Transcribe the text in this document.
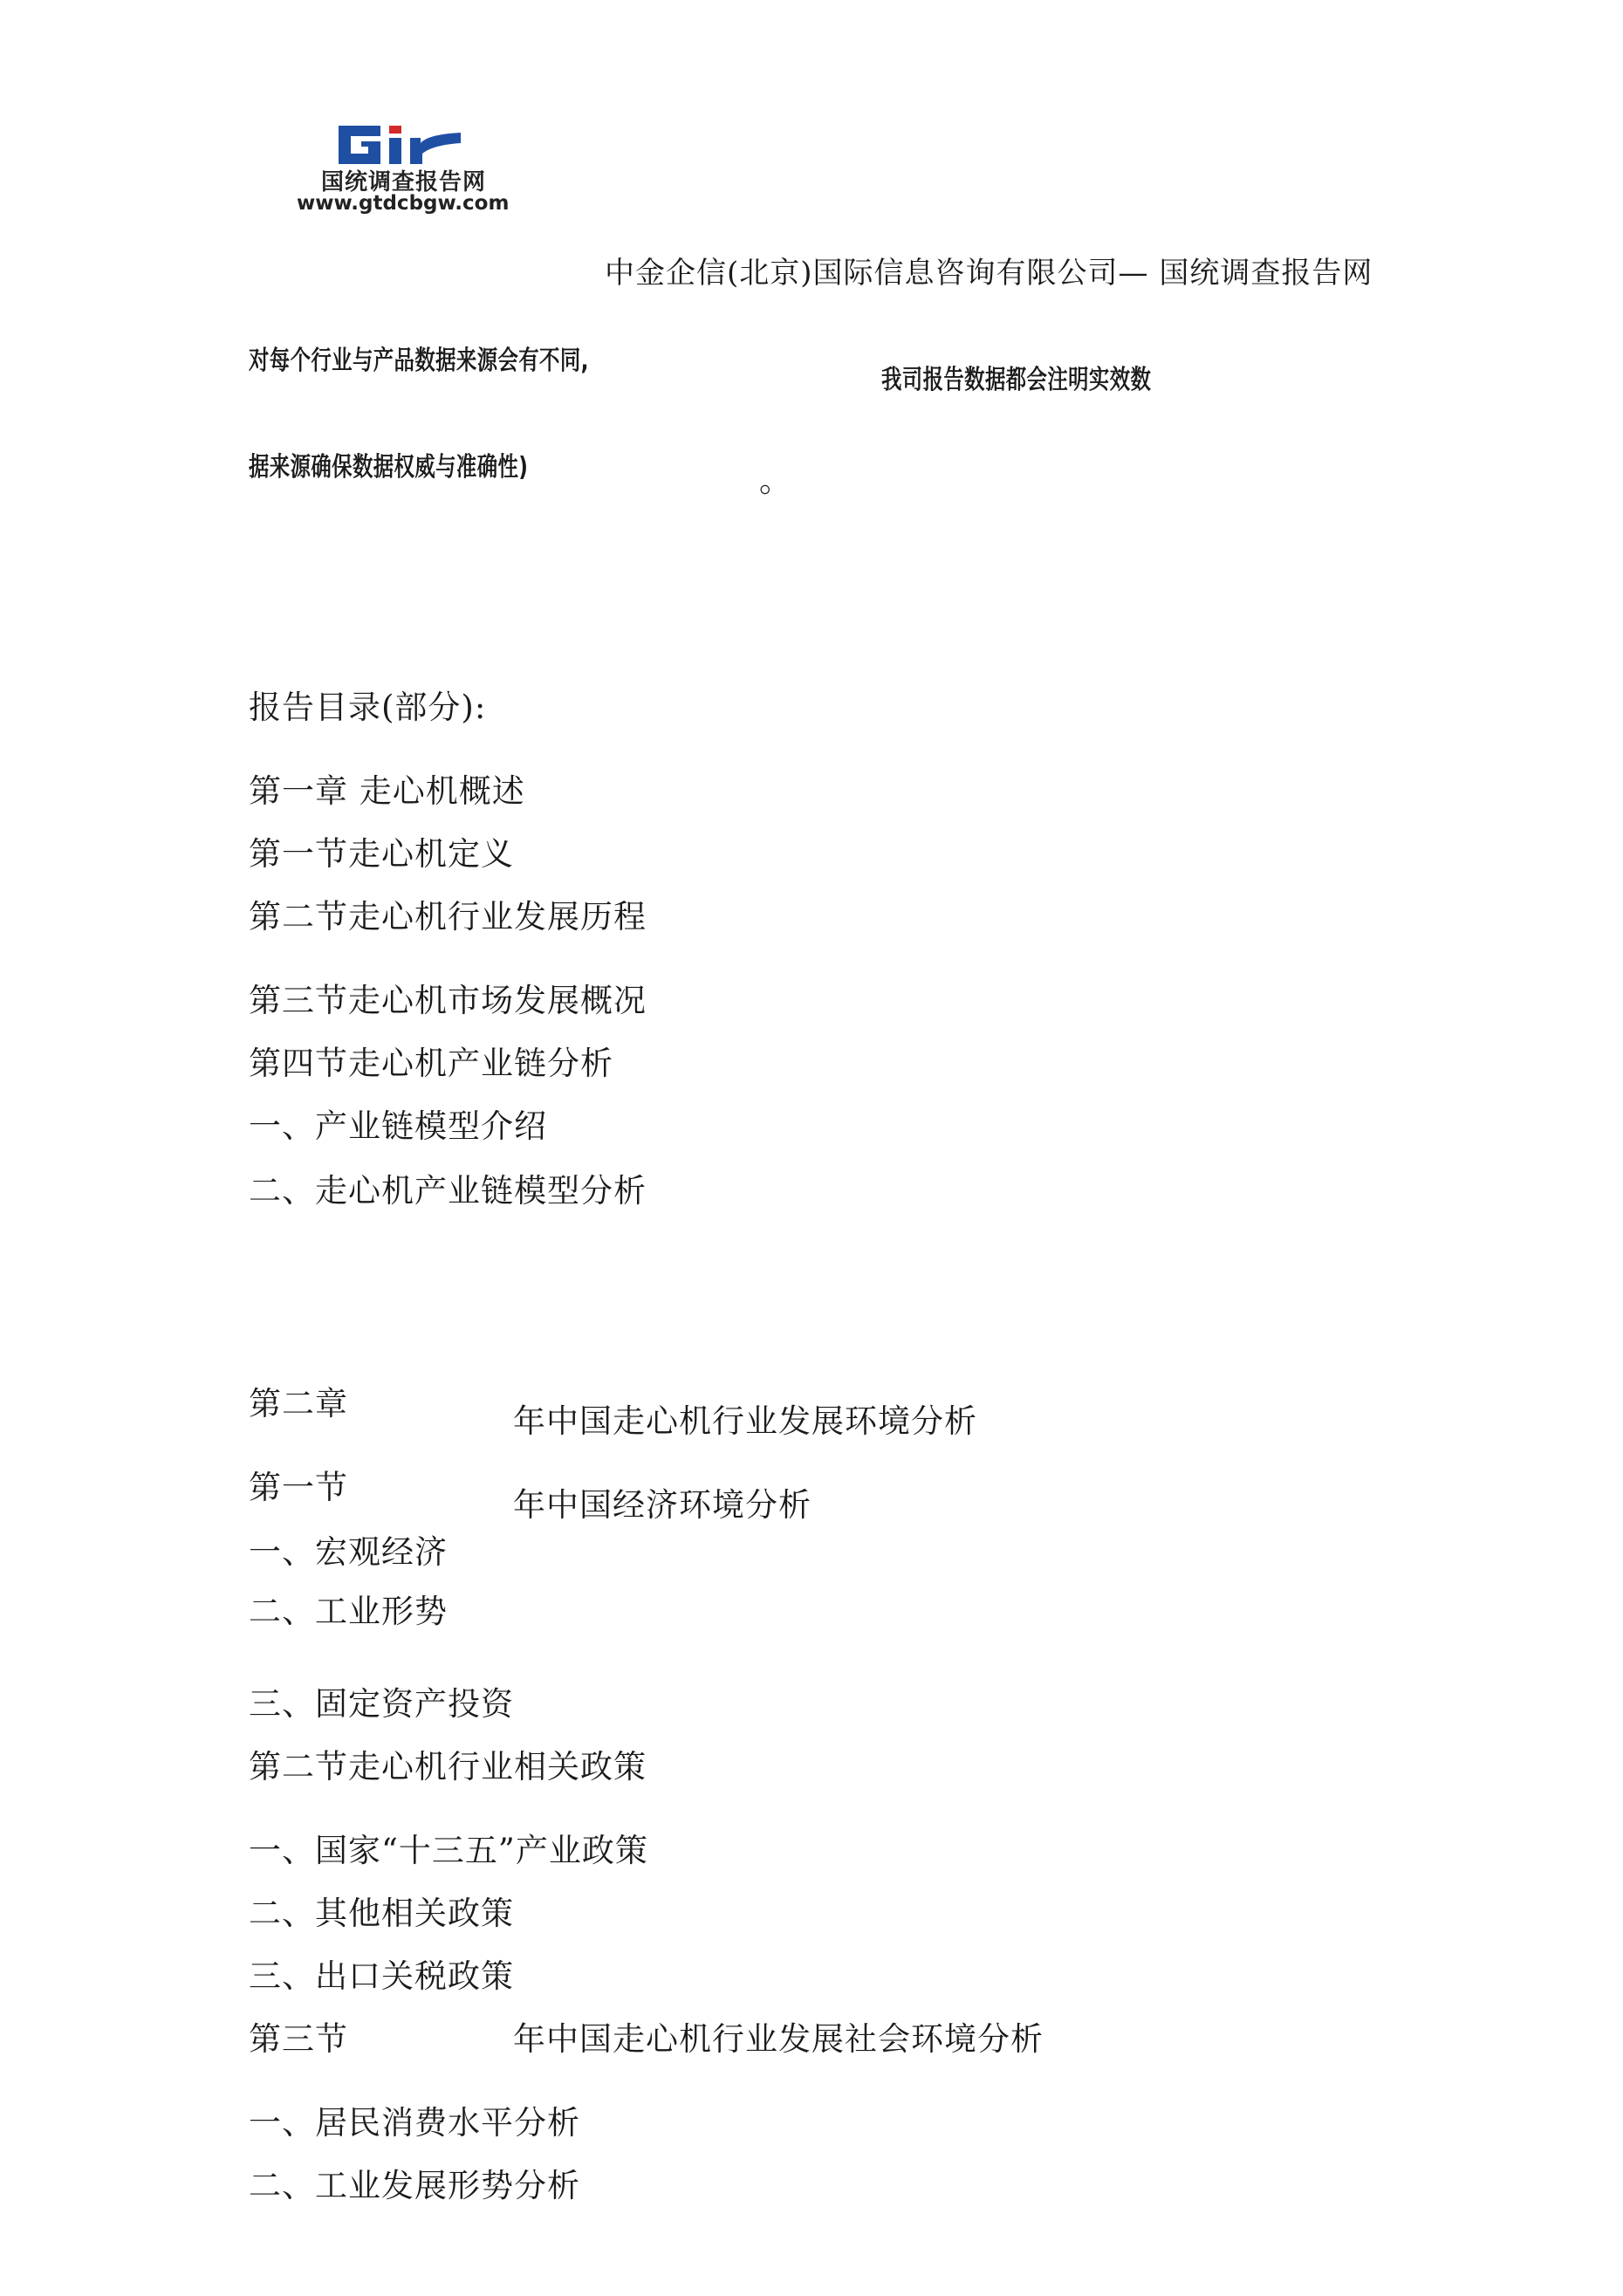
国统调查报告网
www.gtdcbgw.com
中金企信(北京)国际信息咨询有限公司— 国统调查报告网
对每个行业与产品数据来源会有不同,
我司报告数据都会注明实效数
据来源确保数据权威与准确性)	。
报告目录(部分):
第一章 走心机概述
第一节走心机定义
第二节走心机行业发展历程
第三节走心机市场发展概况
第四节走心机产业链分析
一、产业链模型介绍
二、走心机产业链模型分析
第二章	年中国走心机行业发展环境分析
第一节	年中国经济环境分析
一、宏观经济
二、工业形势
三、固定资产投资
第二节走心机行业相关政策
一、国家“十三五”产业政策
二、其他相关政策
三、出口关税政策
第三节	年中国走心机行业发展社会环境分析
一、居民消费水平分析
二、工业发展形势分析
